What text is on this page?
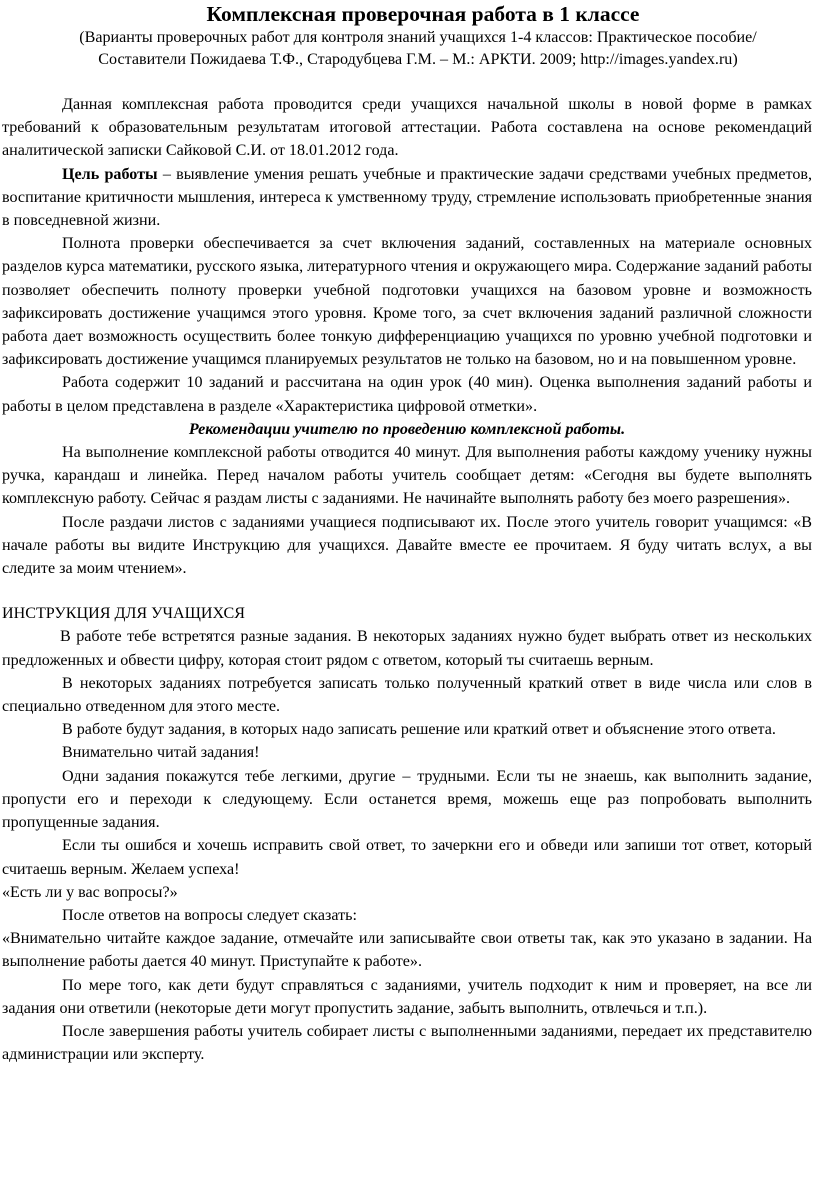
Комплексная проверочная работа в 1 классе

(Варианты проверочных работ для контроля знаний учащихся 1-4 классов: Практическое пособие/Составители Пожидаева Т.Ф., Стародубцева Г.М. – М.: АРКТИ. 2009; http://images.yandex.ru)

Данная комплексная работа проводится среди учащихся начальной школы в новой форме в рамках требований к образовательным результатам итоговой аттестации. Работа составлена на основе рекомендаций аналитической записки Сайковой С.И. от 18.01.2012 года.

Цель работы – выявление умения решать учебные и практические задачи средствами учебных предметов, воспитание критичности мышления, интереса к умственному труду, стремление использовать приобретенные знания в повседневной жизни.

Полнота проверки обеспечивается за счет включения заданий, составленных на материале основных разделов курса математики, русского языка, литературного чтения и окружающего мира. Содержание заданий работы позволяет обеспечить полноту проверки учебной подготовки учащихся на базовом уровне и возможность зафиксировать достижение учащимся этого уровня. Кроме того, за счет включения заданий различной сложности работа дает возможность осуществить более тонкую дифференциацию учащихся по уровню учебной подготовки и зафиксировать достижение учащимся планируемых результатов не только на базовом, но и на повышенном уровне.

Работа содержит 10 заданий и рассчитана на один урок (40 мин). Оценка выполнения заданий работы и работы в целом представлена в разделе «Характеристика цифровой отметки».

Рекомендации учителю по проведению комплексной работы.

На выполнение комплексной работы отводится 40 минут. Для выполнения работы каждому ученику нужны ручка, карандаш и линейка. Перед началом работы учитель сообщает детям: «Сегодня вы будете выполнять комплексную работу. Сейчас я раздам листы с заданиями. Не начинайте выполнять работу без моего разрешения».

После раздачи листов с заданиями учащиеся подписывают их. После этого учитель говорит учащимся: «В начале работы вы видите Инструкцию для учащихся. Давайте вместе ее прочитаем. Я буду читать вслух, а вы следите за моим чтением».

ИНСТРУКЦИЯ ДЛЯ УЧАЩИХСЯ

В работе тебе встретятся разные задания. В некоторых заданиях нужно будет выбрать ответ из нескольких предложенных и обвести цифру, которая стоит рядом с ответом, который ты считаешь верным.

В некоторых заданиях потребуется записать только полученный краткий ответ в виде числа или слов в специально отведенном для этого месте.

В работе будут задания, в которых надо записать решение или краткий ответ и объяснение этого ответа.

Внимательно читай задания!

Одни задания покажутся тебе легкими, другие – трудными. Если ты не знаешь, как выполнить задание, пропусти его и переходи к следующему. Если останется время, можешь еще раз попробовать выполнить пропущенные задания.

Если ты ошибся и хочешь исправить свой ответ, то зачеркни его и обведи или запиши тот ответ, который считаешь верным. Желаем успеха!

«Есть ли у вас вопросы?»

После ответов на вопросы следует сказать:

«Внимательно читайте каждое задание, отмечайте или записывайте свои ответы так, как это указано в задании. На выполнение работы дается 40 минут. Приступайте к работе».

По мере того, как дети будут справляться с заданиями, учитель подходит к ним и проверяет, на все ли задания они ответили (некоторые дети могут пропустить задание, забыть выполнить, отвлечься и т.п.).

После завершения работы учитель собирает листы с выполненными заданиями, передает их представителю администрации или эксперту.
